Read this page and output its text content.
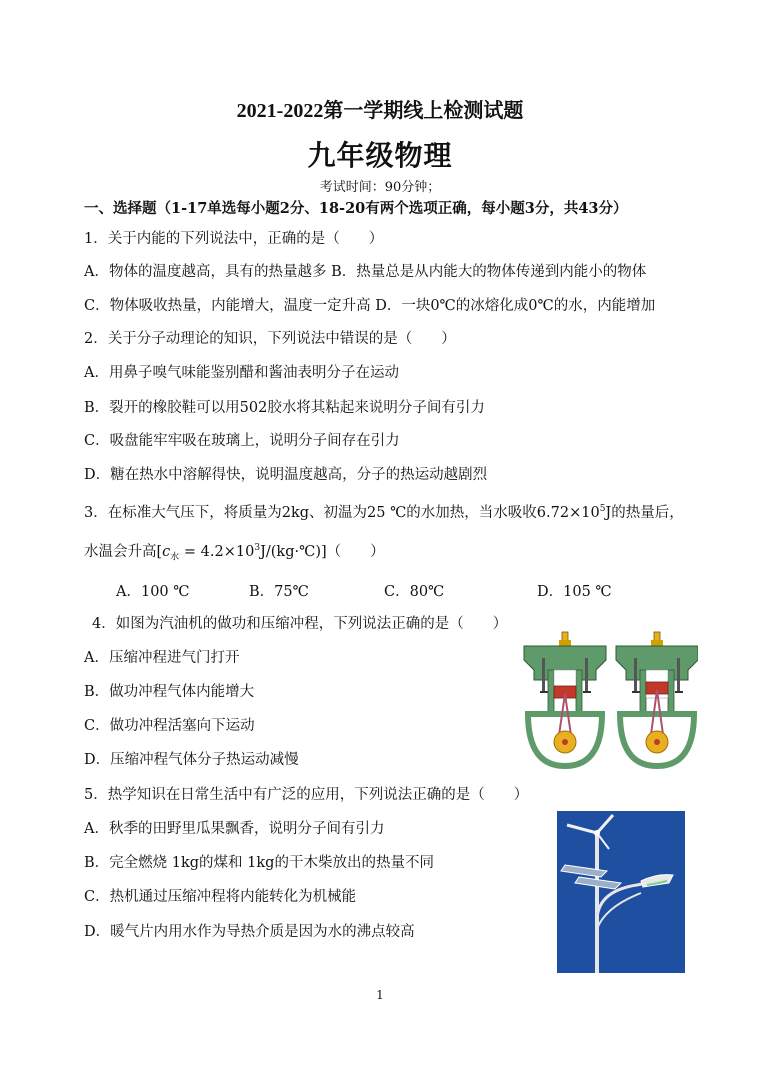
2021-2022第一学期线上检测试题
九年级物理
考试时间：90分钟；
一、选择题（1-17单选每小题2分、18-20有两个选项正确，每小题3分，共43分）
1．关于内能的下列说法中，正确的是（　　）
A．物体的温度越高，具有的热量越多 B．热量总是从内能大的物体传递到内能小的物体
C．物体吸收热量，内能增大，温度一定升高 D．一块0℃的冰熔化成0℃的水，内能增加
2．关于分子动理论的知识，下列说法中错误的是（　　）
A．用鼻子嗅气味能鉴别醋和酱油表明分子在运动
B．裂开的橡胶鞋可以用502胶水将其粘起来说明分子间有引力
C．吸盘能牢牢吸在玻璃上，说明分子间存在引力
D．糖在热水中溶解得快，说明温度越高，分子的热运动越剧烈
3．在标准大气压下，将质量为2kg、初温为25 ℃的水加热，当水吸收$6.72\times 10^5J$的热量后，
水温会升高[$c_水$ = $4.2\times 10^3J/(kg\cdot℃)$]（　　）
A．100 ℃	B．75℃	C．80℃	D．105 ℃
4．如图为汽油机的做功和压缩冲程，下列说法正确的是（　　）
A．压缩冲程进气门打开
B．做功冲程气体内能增大
C．做功冲程活塞向下运动
D．压缩冲程气体分子热运动减慢
5．热学知识在日常生活中有广泛的应用，下列说法正确的是（　　）
A．秋季的田野里瓜果飘香，说明分子间有引力
B．完全燃烧 1kg的煤和 1kg的干木柴放出的热量不同
C．热机通过压缩冲程将内能转化为机械能
D．暖气片内用水作为导热介质是因为水的沸点较高
1
